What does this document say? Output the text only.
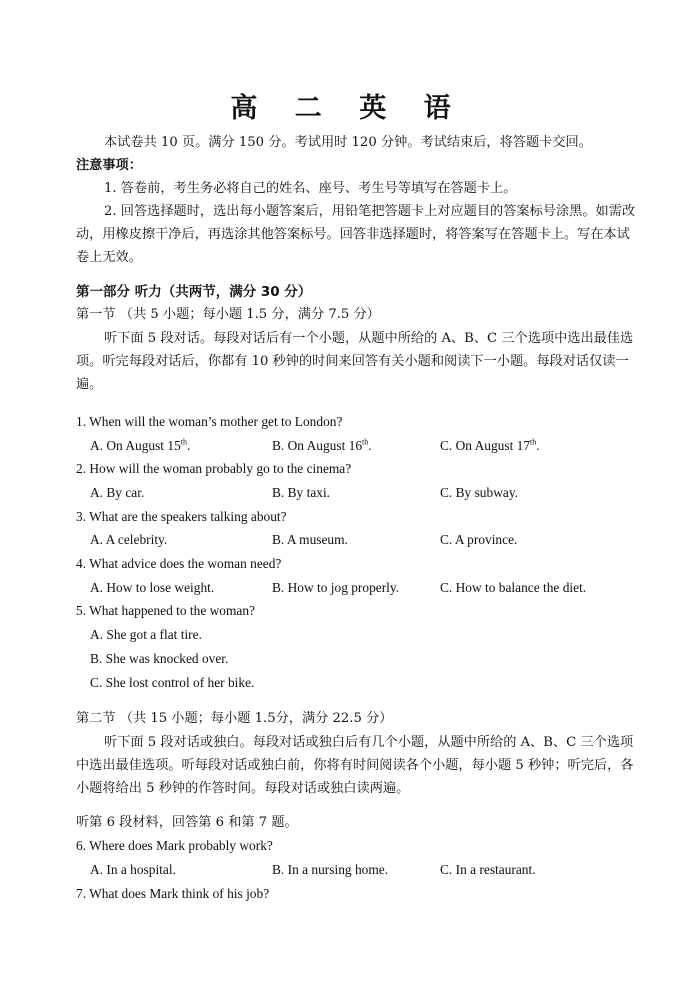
高 二 英 语
本试卷共 10 页。满分 150 分。考试用时 120 分钟。考试结束后，将答题卡交回。
注意事项：
1. 答卷前，考生务必将自己的姓名、座号、考生号等填写在答题卡上。
2. 回答选择题时，选出每小题答案后，用铅笔把答题卡上对应题目的答案标号涂黑。如需改动，用橡皮擦干净后，再选涂其他答案标号。回答非选择题时，将答案写在答题卡上。写在本试卷上无效。
第一部分 听力（共两节，满分 30 分）
第一节 （共 5 小题；每小题 1.5 分，满分 7.5 分）
听下面 5 段对话。每段对话后有一个小题，从题中所给的 A、B、C 三个选项中选出最佳选项。听完每段对话后，你都有 10 秒钟的时间来回答有关小题和阅读下一小题。每段对话仅读一遍。
1. When will the woman’s mother get to London?
A. On August 15th.	B. On August 16th.	C. On August 17th.
2. How will the woman probably go to the cinema?
A. By car.	B. By taxi.	C. By subway.
3. What are the speakers talking about?
A. A celebrity.	B. A museum.	C. A province.
4. What advice does the woman need?
A. How to lose weight.	B. How to jog properly.	C. How to balance the diet.
5. What happened to the woman?
A. She got a flat tire.
B. She was knocked over.
C. She lost control of her bike.
第二节 （共 15 小题；每小题 1.5分，满分 22.5 分）
听下面 5 段对话或独白。每段对话或独白后有几个小题，从题中所给的 A、B、C 三个选项中选出最佳选项。听每段对话或独白前，你将有时间阅读各个小题，每小题 5 秒钟；听完后，各小题将给出 5 秒钟的作答时间。每段对话或独白读两遍。
听第 6 段材料，回答第 6 和第 7 题。
6. Where does Mark probably work?
A. In a hospital.	B. In a nursing home.	C. In a restaurant.
7. What does Mark think of his job?
